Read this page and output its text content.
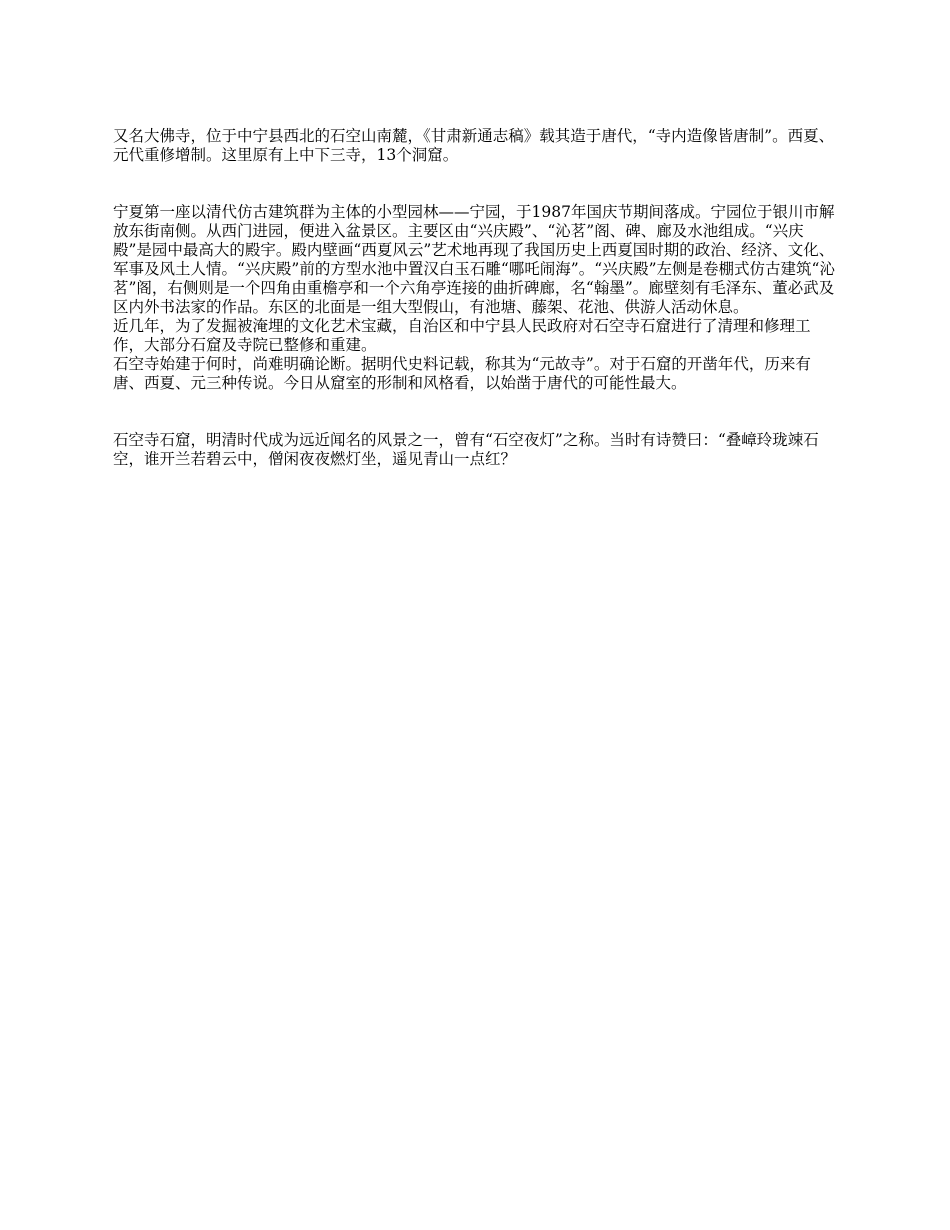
又名大佛寺，位于中宁县西北的石空山南麓，《甘肃新通志稿》载其造于唐代，“寺内造像皆唐制”。西夏、元代重修增制。这里原有上中下三寺，13个洞窟。

宁夏第一座以清代仿古建筑群为主体的小型园林——宁园，于1987年国庆节期间落成。宁园位于银川市解放东街南侧。从西门进园，便进入盆景区。主要区由“兴庆殿”、“沁茗”阁、碑、廊及水池组成。“兴庆殿”是园中最高大的殿宇。殿内壁画“西夏风云”艺术地再现了我国历史上西夏国时期的政治、经济、文化、军事及风土人情。“兴庆殿”前的方型水池中置汉白玉石雕“哪吒闹海”。“兴庆殿”左侧是卷棚式仿古建筑“沁茗”阁，右侧则是一个四角由重檐亭和一个六角亭连接的曲折碑廊，名“翰墨”。廊壁刻有毛泽东、董必武及区内外书法家的作品。东区的北面是一组大型假山，有池塘、藤架、花池、供游人活动休息。

近几年，为了发掘被淹埋的文化艺术宝藏，自治区和中宁县人民政府对石空寺石窟进行了清理和修理工作，大部分石窟及寺院已整修和重建。

石空寺始建于何时，尚难明确论断。据明代史料记载，称其为“元故寺”。对于石窟的开凿年代，历来有唐、西夏、元三种传说。今日从窟室的形制和风格看，以始凿于唐代的可能性最大。

石空寺石窟，明清时代成为远近闻名的风景之一，曾有“石空夜灯”之称。当时有诗赞曰：“叠嶂玲珑竦石空，谁开兰若碧云中，僧闲夜夜燃灯坐，遥见青山一点红？
